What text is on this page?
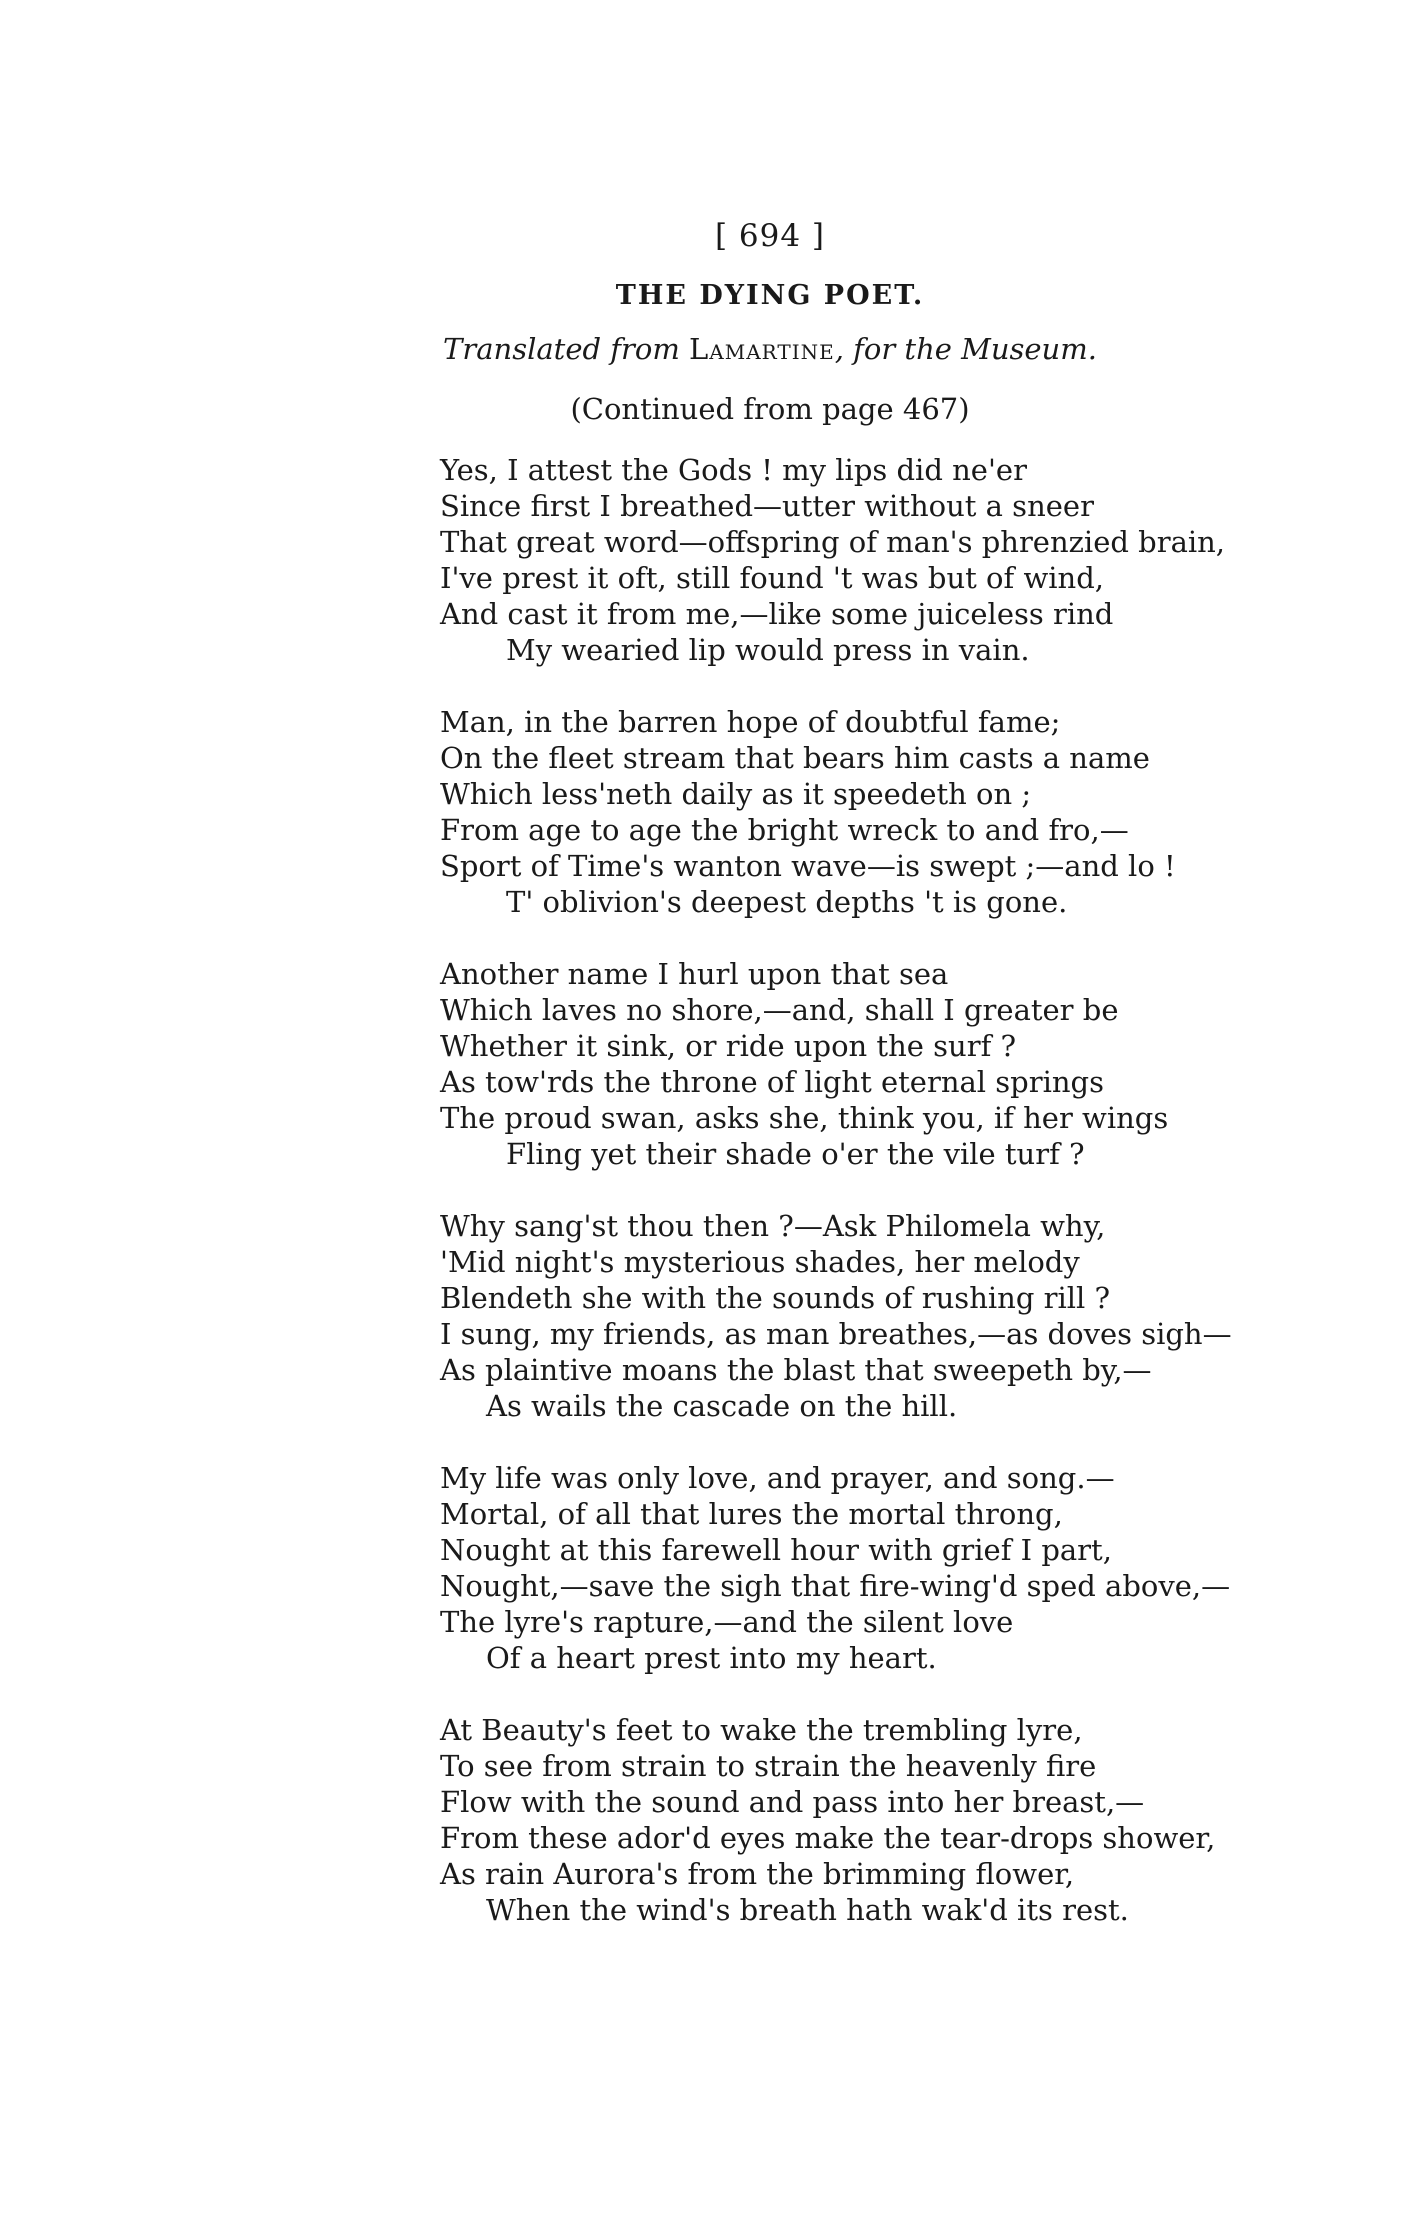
[ 694 ]
THE DYING POET.
Translated from Lamartine, for the Museum.
(Continued from page 467)
Yes, I attest the Gods ! my lips did ne'er
Since first I breathed—utter without a sneer
That great word—offspring of man's phrenzied brain,
I've prest it oft, still found 't was but of wind,
And cast it from me,—like some juiceless rind
My wearied lip would press in vain.
Man, in the barren hope of doubtful fame;
On the fleet stream that bears him casts a name
Which less'neth daily as it speedeth on ;
From age to age the bright wreck to and fro,—
Sport of Time's wanton wave—is swept ;—and lo !
T' oblivion's deepest depths 't is gone.
Another name I hurl upon that sea
Which laves no shore,—and, shall I greater be
Whether it sink, or ride upon the surf ?
As tow'rds the throne of light eternal springs
The proud swan, asks she, think you, if her wings
Fling yet their shade o'er the vile turf ?
Why sang'st thou then ?—Ask Philomela why,
'Mid night's mysterious shades, her melody
Blendeth she with the sounds of rushing rill ?
I sung, my friends, as man breathes,—as doves sigh—
As plaintive moans the blast that sweepeth by,—
As wails the cascade on the hill.
My life was only love, and prayer, and song.—
Mortal, of all that lures the mortal throng,
Nought at this farewell hour with grief I part,
Nought,—save the sigh that fire-wing'd sped above,—
The lyre's rapture,—and the silent love
Of a heart prest into my heart.
At Beauty's feet to wake the trembling lyre,
To see from strain to strain the heavenly fire
Flow with the sound and pass into her breast,—
From these ador'd eyes make the tear-drops shower,
As rain Aurora's from the brimming flower,
When the wind's breath hath wak'd its rest.
